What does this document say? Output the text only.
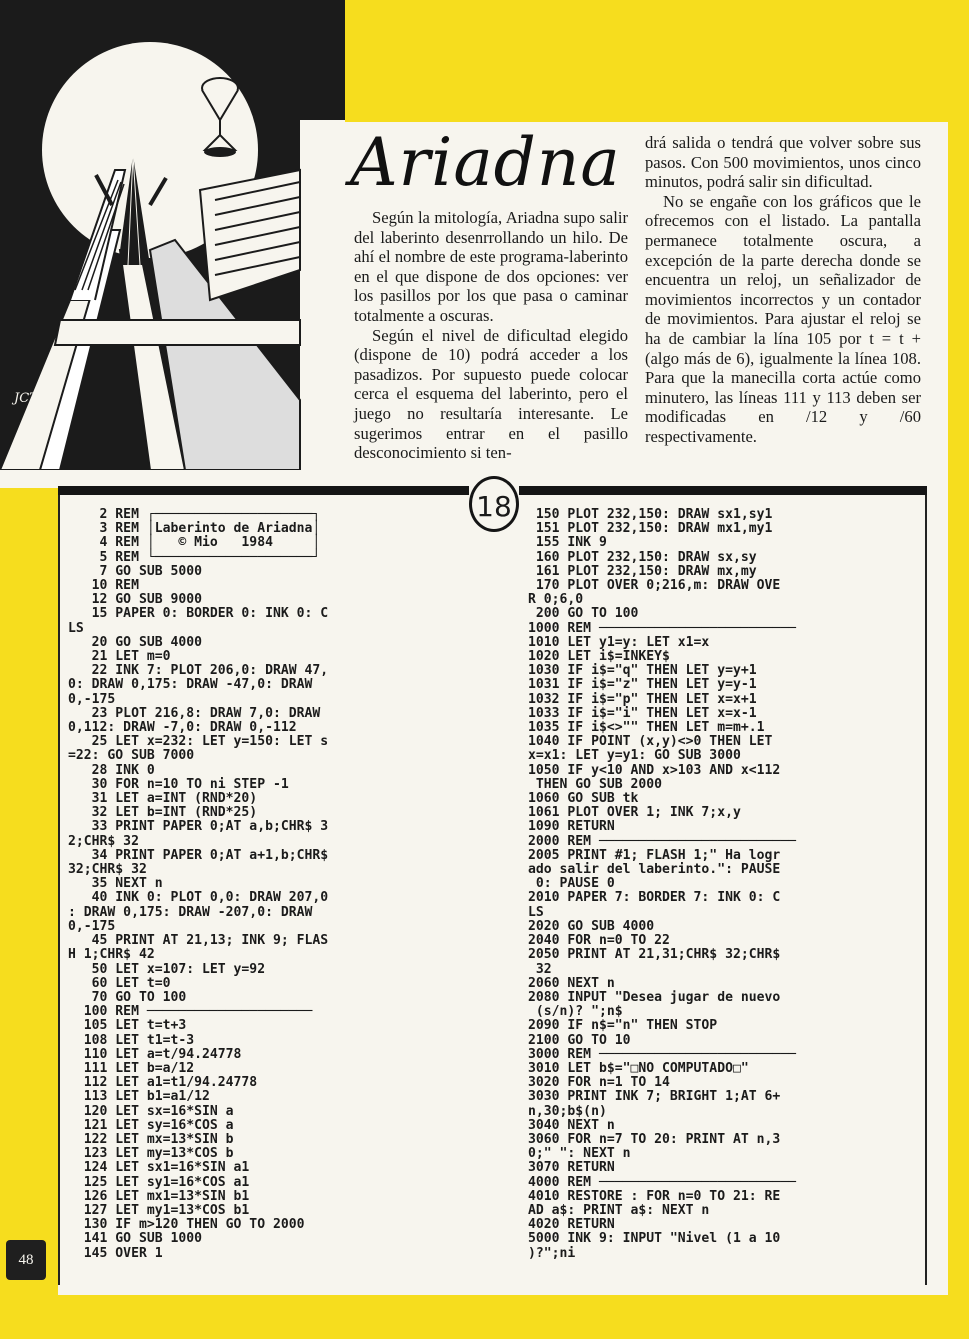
JCT
Ariadna

Según la mitología, Ariadna supo salir del laberinto desenrrollando un hilo. De ahí el nombre de este programa-laberinto en el que dispone de dos opciones: ver los pasillos por los que pasa o caminar totalmente a oscuras.

Según el nivel de dificultad elegido (dispone de 10) podrá acceder a los pasadizos. Por supuesto puede colocar cerca el esquema del laberinto, pero el juego no resultaría interesante. Le sugerimos entrar en el pasillo desconocimiento si ten-

drá salida o tendrá que volver sobre sus pasos. Con 500 movimientos, unos cinco minutos, podrá salir sin dificultad.

No se engañe con los gráficos que le ofrecemos con el listado. La pantalla permanece totalmente oscura, a excepción de la parte derecha donde se encuentra un reloj, un señalizador de movimientos incorrectos y un contador de movimientos. Para ajustar el reloj se ha de cambiar la lína 105 por t = t + (algo más de 6), igualmente la línea 108. Para que la manecilla corta actúe como minutero, las líneas 111 y 113 deben ser modificadas en /12 y /60 respectivamente.

18
2 REM ┌────────────────────┐
3 REM │Laberinto de Ariadna│
4 REM │   © Mio   1984     │
5 REM └────────────────────┘
7 GO SUB 5000
10 REM
12 GO SUB 9000
15 PAPER 0: BORDER 0: INK 0: C
LS
20 GO SUB 4000
21 LET m=0
22 INK 7: PLOT 206,0: DRAW 47,
0: DRAW 0,175: DRAW -47,0: DRAW
0,-175
23 PLOT 216,8: DRAW 7,0: DRAW
0,112: DRAW -7,0: DRAW 0,-112
25 LET x=232: LET y=150: LET s
=22: GO SUB 7000
28 INK 0
30 FOR n=10 TO ni STEP -1
31 LET a=INT (RND*20)
32 LET b=INT (RND*25)
33 PRINT PAPER 0;AT a,b;CHR$ 3
2;CHR$ 32
34 PRINT PAPER 0;AT a+1,b;CHR$
32;CHR$ 32
35 NEXT n
40 INK 0: PLOT 0,0: DRAW 207,0
: DRAW 0,175: DRAW -207,0: DRAW
0,-175
45 PRINT AT 21,13; INK 9; FLAS
H 1;CHR$ 42
50 LET x=107: LET y=92
60 LET t=0
70 GO TO 100
100 REM ─────────────────────
105 LET t=t+3
108 LET t1=t-3
110 LET a=t/94.24778
111 LET b=a/12
112 LET a1=t1/94.24778
113 LET b1=a1/12
120 LET sx=16*SIN a
121 LET sy=16*COS a
122 LET mx=13*SIN b
123 LET my=13*COS b
124 LET sx1=16*SIN a1
125 LET sy1=16*COS a1
126 LET mx1=13*SIN b1
127 LET my1=13*COS b1
130 IF m>120 THEN GO TO 2000
141 GO SUB 1000
145 OVER 1
150 PLOT 232,150: DRAW sx1,sy1
151 PLOT 232,150: DRAW mx1,my1
155 INK 9
160 PLOT 232,150: DRAW sx,sy
161 PLOT 232,150: DRAW mx,my
170 PLOT OVER 0;216,m: DRAW OVE
R 0;6,0
200 GO TO 100
1000 REM ─────────────────────────
1010 LET y1=y: LET x1=x
1020 LET i$=INKEY$
1030 IF i$="q" THEN LET y=y+1
1031 IF i$="z" THEN LET y=y-1
1032 IF i$="p" THEN LET x=x+1
1033 IF i$="i" THEN LET x=x-1
1035 IF i$<>"" THEN LET m=m+.1
1040 IF POINT (x,y)<>0 THEN LET
x=x1: LET y=y1: GO SUB 3000
1050 IF y<10 AND x>103 AND x<112
THEN GO SUB 2000
1060 GO SUB tk
1061 PLOT OVER 1; INK 7;x,y
1090 RETURN
2000 REM ─────────────────────────
2005 PRINT #1; FLASH 1;" Ha logr
ado salir del laberinto.": PAUSE
0: PAUSE 0
2010 PAPER 7: BORDER 7: INK 0: C
LS
2020 GO SUB 4000
2040 FOR n=0 TO 22
2050 PRINT AT 21,31;CHR$ 32;CHR$
32
2060 NEXT n
2080 INPUT "Desea jugar de nuevo
(s/n)? ";n$
2090 IF n$="n" THEN STOP
2100 GO TO 10
3000 REM ─────────────────────────
3010 LET b$="□NO COMPUTADO□"
3020 FOR n=1 TO 14
3030 PRINT INK 7; BRIGHT 1;AT 6+
n,30;b$(n)
3040 NEXT n
3060 FOR n=7 TO 20: PRINT AT n,3
0;" ": NEXT n
3070 RETURN
4000 REM ─────────────────────────
4010 RESTORE : FOR n=0 TO 21: RE
AD a$: PRINT a$: NEXT n
4020 RETURN
5000 INK 9: INPUT "Nivel (1 a 10
)?";ni
48
